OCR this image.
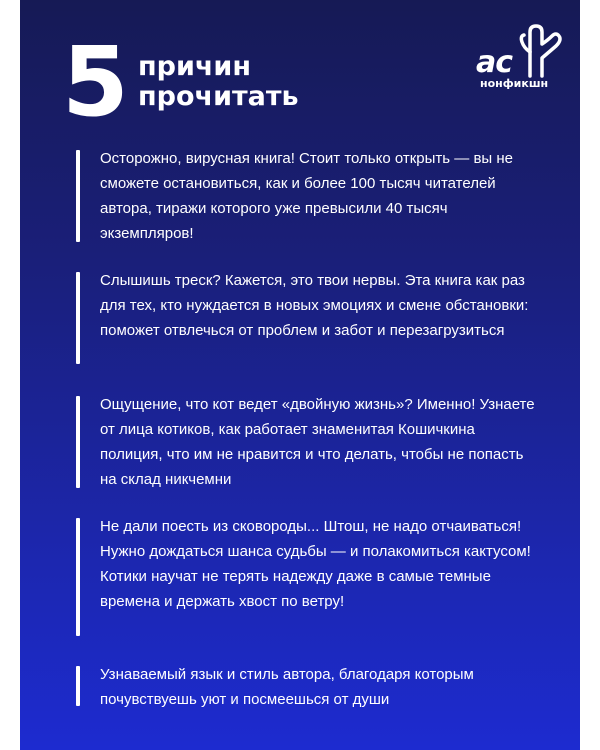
5 причин
прочитать
ас
нонфикшн
Осторожно, вирусная книга! Стоит только открыть — вы не сможете остановиться, как и более 100 тысяч читателей автора, тиражи которого уже превысили 40 тысяч экземпляров!
Слышишь треск? Кажется, это твои нервы. Эта книга как раз для тех, кто нуждается в новых эмоциях и смене обстановки: поможет отвлечься от проблем и забот и перезагрузиться
Ощущение, что кот ведет «двойную жизнь»? Именно! Узнаете от лица котиков, как работает знаменитая Кошичкина полиция, что им не нравится и что делать, чтобы не попасть на склад никчемни
Не дали поесть из сковороды... Штош, не надо отчаиваться! Нужно дождаться шанса судьбы — и полакомиться кактусом! Котики научат не терять надежду даже в самые темные времена и держать хвост по ветру!
Узнаваемый язык и стиль автора, благодаря которым почувствуешь уют и посмеешься от души
